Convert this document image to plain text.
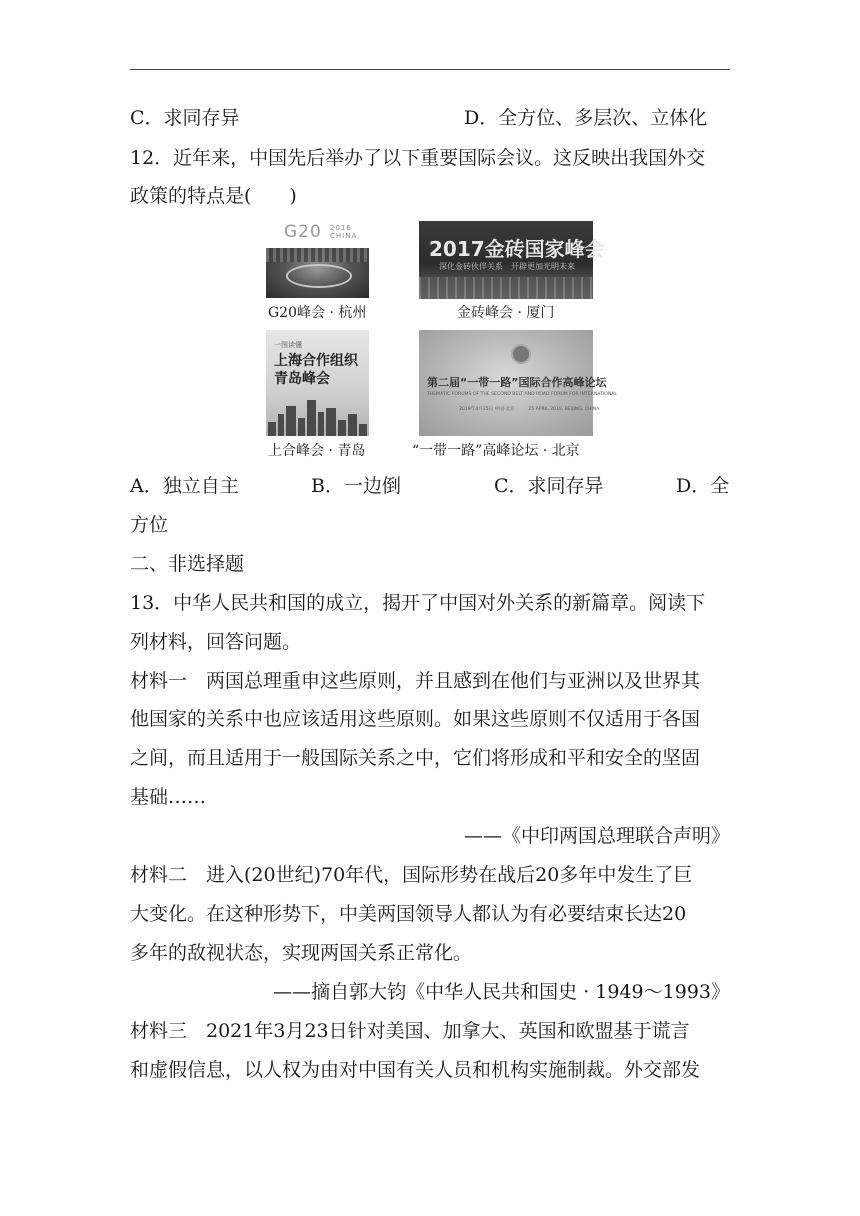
C．求同存异	D．全方位、多层次、立体化
12．近年来，中国先后举办了以下重要国际会议。这反映出我国外交
政策的特点是(　　)
G20 2016 CHINA
G20峰会 · 杭州
2017金砖国家峰会
深化金砖伙伴关系　开辟更加光明未来
金砖峰会 · 厦门
一图读懂
上海合作组织
青岛峰会
上合峰会 · 青岛
第二届“一带一路”国际合作高峰论坛
THEMATIC FORUMS OF THE SECOND BELT AND ROAD FORUM FOR INTERNATIONAL
2019年4月25日 中国·北京　　　25 APRIL 2019, BEIJING, CHINA
“一带一路”高峰论坛 · 北京
A．独立自主	B．一边倒	C．求同存异	D．全
方位
二、非选择题
13．中华人民共和国的成立，揭开了中国对外关系的新篇章。阅读下
列材料，回答问题。
材料一　两国总理重申这些原则，并且感到在他们与亚洲以及世界其
他国家的关系中也应该适用这些原则。如果这些原则不仅适用于各国
之间，而且适用于一般国际关系之中，它们将形成和平和安全的坚固
基础……
——《中印两国总理联合声明》
材料二　进入(20世纪)70年代，国际形势在战后20多年中发生了巨
大变化。在这种形势下，中美两国领导人都认为有必要结束长达20
多年的敌视状态，实现两国关系正常化。
——摘自郭大钧《中华人民共和国史 · 1949～1993》
材料三　2021年3月23日针对美国、加拿大、英国和欧盟基于谎言
和虚假信息，以人权为由对中国有关人员和机构实施制裁。外交部发
